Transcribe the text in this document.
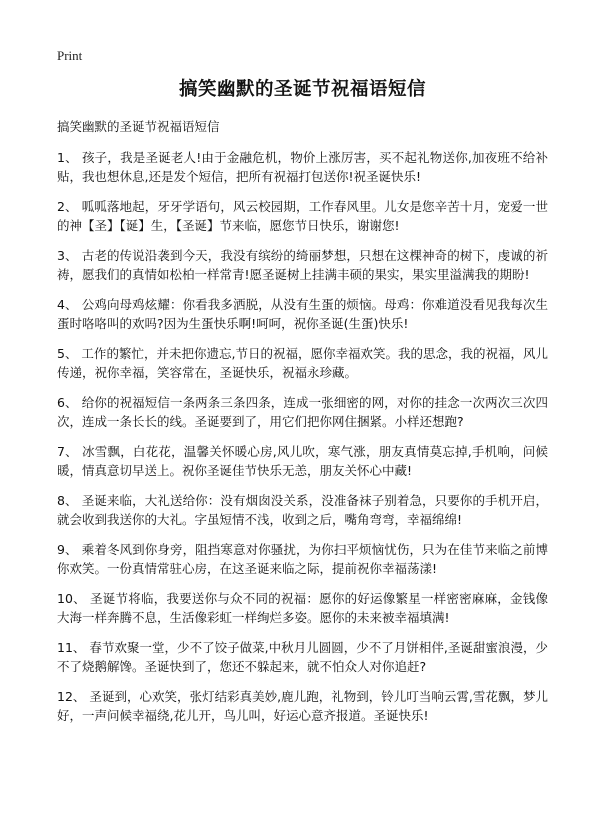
Print
搞笑幽默的圣诞节祝福语短信
搞笑幽默的圣诞节祝福语短信

1、 孩子，我是圣诞老人!由于金融危机，物价上涨厉害，买不起礼物送你,加夜班不给补贴，我也想休息,还是发个短信，把所有祝福打包送你!祝圣诞快乐!

2、 呱呱落地起，牙牙学语句，风云校园期，工作春风里。儿女是您辛苦十月，宠爱一世的神【圣】【诞】生，【圣诞】节来临，愿您节日快乐，谢谢您!

3、 古老的传说沿袭到今天，我没有缤纷的绮丽梦想，只想在这棵神奇的树下，虔诚的祈祷，愿我们的真情如松柏一样常青!愿圣诞树上挂满丰硕的果实，果实里溢满我的期盼!

4、 公鸡向母鸡炫耀：你看我多洒脱，从没有生蛋的烦恼。母鸡：你难道没看见我每次生蛋时咯咯叫的欢吗?因为生蛋快乐啊!呵呵，祝你圣诞(生蛋)快乐!

5、 工作的繁忙，并未把你遗忘,节日的祝福，愿你幸福欢笑。我的思念，我的祝福，风儿传递，祝你幸福，笑容常在，圣诞快乐，祝福永珍藏。

6、 给你的祝福短信一条两条三条四条，连成一张细密的网，对你的挂念一次两次三次四次，连成一条长长的线。圣诞要到了，用它们把你网住捆紧。小样还想跑?

7、 冰雪飘，白花花，温馨关怀暖心房,风儿吹，寒气涨，朋友真情莫忘掉,手机响，问候暖，情真意切早送上。祝你圣诞佳节快乐无恙，朋友关怀心中藏!

8、 圣诞来临，大礼送给你：没有烟囱没关系，没准备袜子别着急，只要你的手机开启，就会收到我送你的大礼。字虽短情不浅，收到之后，嘴角弯弯，幸福绵绵!

9、 乘着冬风到你身旁，阻挡寒意对你骚扰，为你扫平烦恼忧伤，只为在佳节来临之前博你欢笑。一份真情常驻心房，在这圣诞来临之际，提前祝你幸福荡漾!

10、 圣诞节将临，我要送你与众不同的祝福：愿你的好运像繁星一样密密麻麻，金钱像大海一样奔腾不息，生活像彩虹一样绚烂多姿。愿你的未来被幸福填满!

11、 春节欢聚一堂，少不了饺子做菜,中秋月儿圆圆，少不了月饼相伴,圣诞甜蜜浪漫，少不了烧鹅解馋。圣诞快到了，您还不躲起来，就不怕众人对你追赶?

12、 圣诞到，心欢笑，张灯结彩真美妙,鹿儿跑，礼物到，铃儿叮当响云霄,雪花飘，梦儿好，一声问候幸福绕,花儿开，鸟儿叫，好运心意齐报道。圣诞快乐!
